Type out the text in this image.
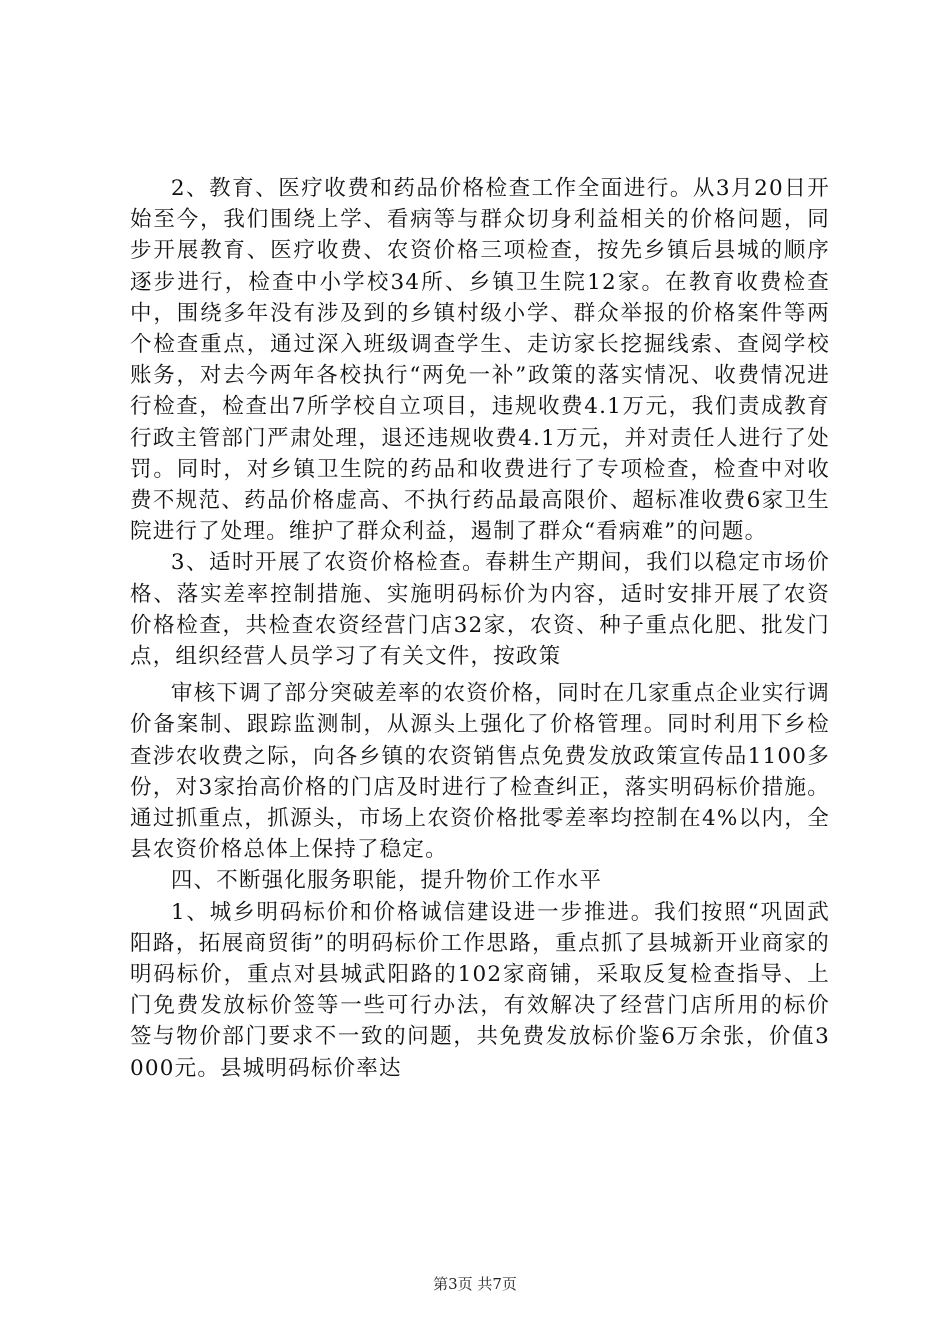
2、教育、医疗收费和药品价格检查工作全面进行。从3月20日开始至今，我们围绕上学、看病等与群众切身利益相关的价格问题，同步开展教育、医疗收费、农资价格三项检查，按先乡镇后县城的顺序逐步进行，检查中小学校34所、乡镇卫生院12家。在教育收费检查中，围绕多年没有涉及到的乡镇村级小学、群众举报的价格案件等两个检查重点，通过深入班级调查学生、走访家长挖掘线索、查阅学校账务，对去今两年各校执行“两免一补”政策的落实情况、收费情况进行检查，检查出7所学校自立项目，违规收费4.1万元，我们责成教育行政主管部门严肃处理，退还违规收费4.1万元，并对责任人进行了处罚。同时，对乡镇卫生院的药品和收费进行了专项检查，检查中对收费不规范、药品价格虚高、不执行药品最高限价、超标准收费6家卫生院进行了处理。维护了群众利益，遏制了群众“看病难”的问题。

3、适时开展了农资价格检查。春耕生产期间，我们以稳定市场价格、落实差率控制措施、实施明码标价为内容，适时安排开展了农资价格检查，共检查农资经营门店32家，农资、种子重点化肥、批发门点，组织经营人员学习了有关文件，按政策

审核下调了部分突破差率的农资价格，同时在几家重点企业实行调价备案制、跟踪监测制，从源头上强化了价格管理。同时利用下乡检查涉农收费之际，向各乡镇的农资销售点免费发放政策宣传品1100多份，对3家抬高价格的门店及时进行了检查纠正，落实明码标价措施。通过抓重点，抓源头，市场上农资价格批零差率均控制在4%以内，全县农资价格总体上保持了稳定。

四、不断强化服务职能，提升物价工作水平

1、城乡明码标价和价格诚信建设进一步推进。我们按照“巩固武阳路，拓展商贸街”的明码标价工作思路，重点抓了县城新开业商家的明码标价，重点对县城武阳路的102家商铺，采取反复检查指导、上门免费发放标价签等一些可行办法，有效解决了经营门店所用的标价签与物价部门要求不一致的问题，共免费发放标价鉴6万余张，价值3000元。县城明码标价率达

第3页 共7页
